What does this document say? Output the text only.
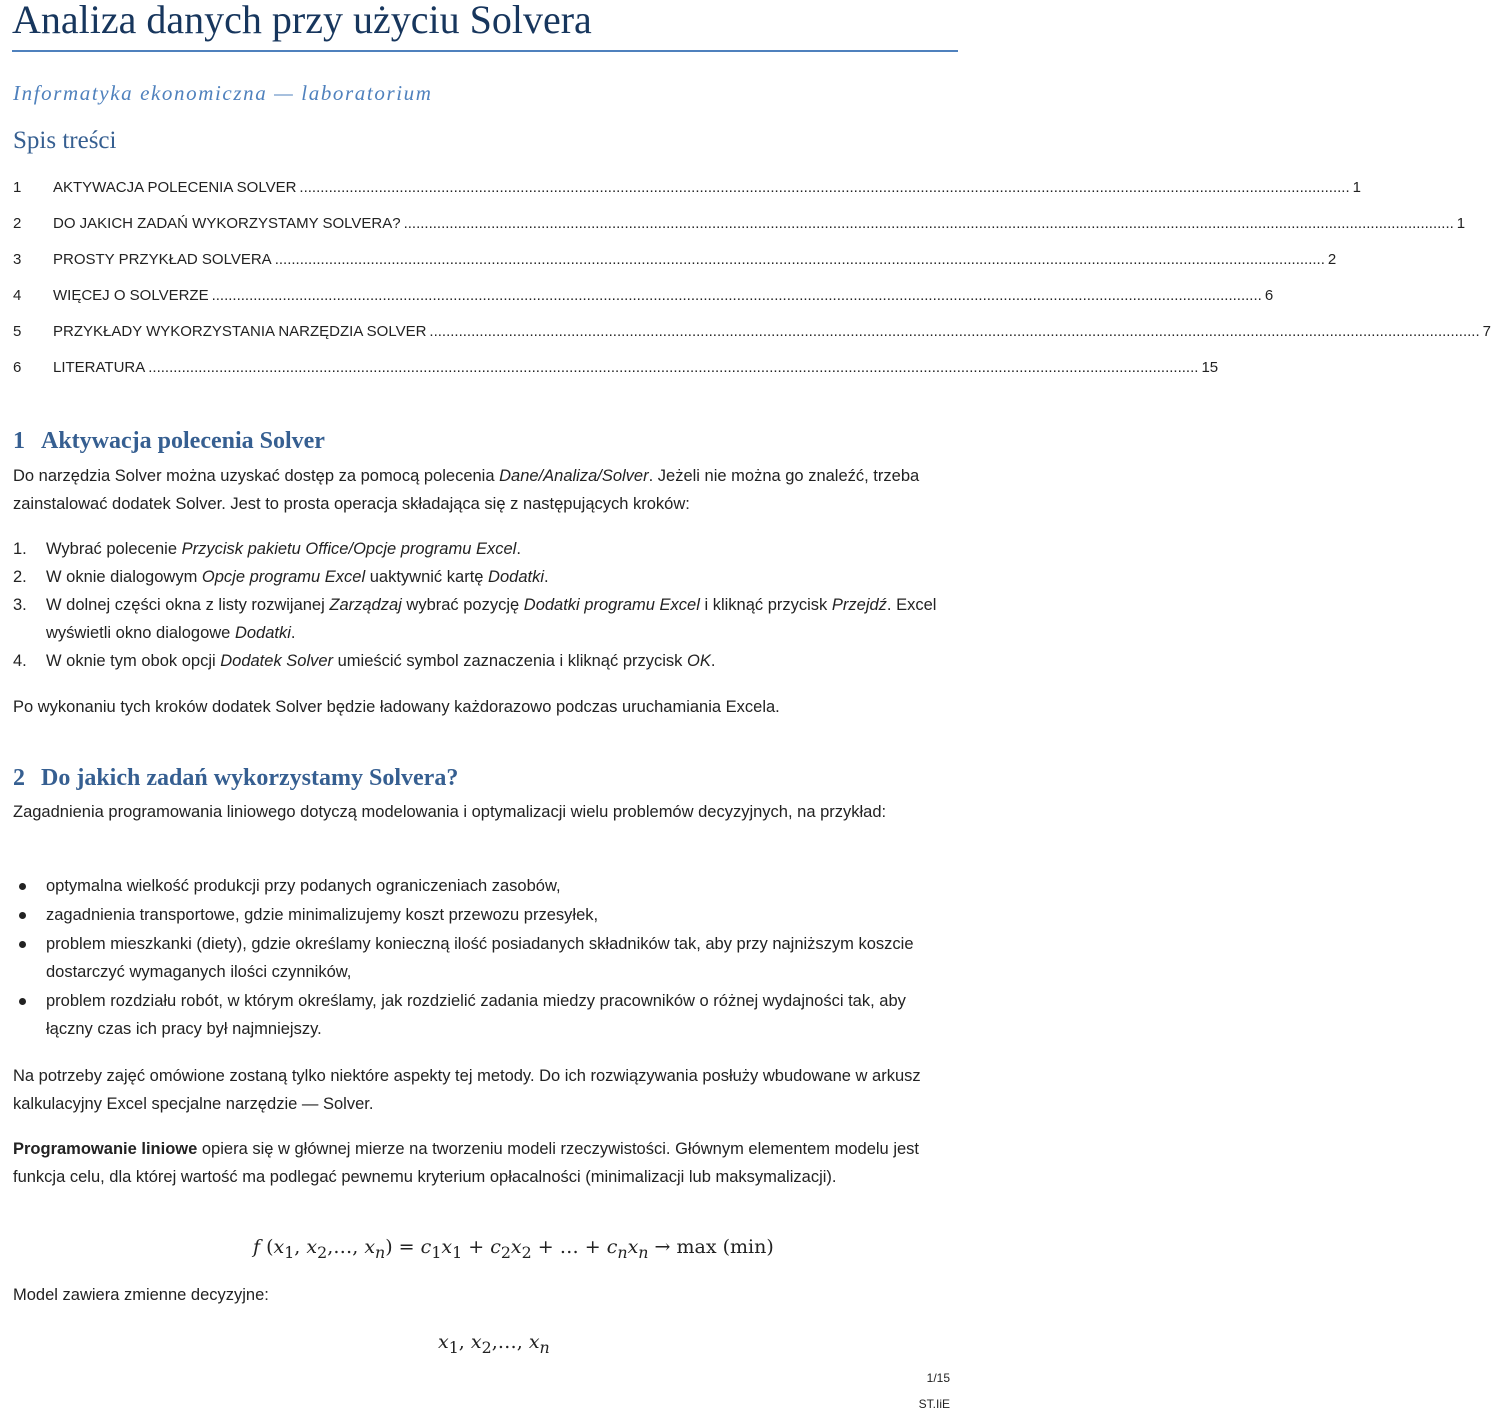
Analiza danych przy użyciu Solvera
Informatyka ekonomiczna — laboratorium
Spis treści
1	AKTYWACJA POLECENIA SOLVER ............................................................................................................................................................................................................................................................ 1
2	DO JAKICH ZADAŃ WYKORZYSTAMY SOLVERA? ............................................................................................................................................................................................................................................................ 1
3	PROSTY PRZYKŁAD SOLVERA ............................................................................................................................................................................................................................................................ 2
4	WIĘCEJ O SOLVERZE ............................................................................................................................................................................................................................................................ 6
5	PRZYKŁADY WYKORZYSTANIA NARZĘDZIA SOLVER ............................................................................................................................................................................................................................................................ 7
6	LITERATURA ............................................................................................................................................................................................................................................................ 15
1 Aktywacja polecenia Solver
Do narzędzia Solver można uzyskać dostęp za pomocą polecenia Dane/Analiza/Solver. Jeżeli nie można go znaleźć, trzeba zainstalować dodatek Solver. Jest to prosta operacja składająca się z następujących kroków:
1. Wybrać polecenie Przycisk pakietu Office/Opcje programu Excel.
2. W oknie dialogowym Opcje programu Excel uaktywnić kartę Dodatki.
3. W dolnej części okna z listy rozwijanej Zarządzaj wybrać pozycję Dodatki programu Excel i kliknąć przycisk Przejdź. Excel wyświetli okno dialogowe Dodatki.
4. W oknie tym obok opcji Dodatek Solver umieścić symbol zaznaczenia i kliknąć przycisk OK.
Po wykonaniu tych kroków dodatek Solver będzie ładowany każdorazowo podczas uruchamiania Excela.
2 Do jakich zadań wykorzystamy Solvera?
Zagadnienia programowania liniowego dotyczą modelowania i optymalizacji wielu problemów decyzyjnych, na przykład:
optymalna wielkość produkcji przy podanych ograniczeniach zasobów,
zagadnienia transportowe, gdzie minimalizujemy koszt przewozu przesyłek,
problem mieszkanki (diety), gdzie określamy konieczną ilość posiadanych składników tak, aby przy najniższym koszcie dostarczyć wymaganych ilości czynników,
problem rozdziału robót, w którym określamy, jak rozdzielić zadania miedzy pracowników o różnej wydajności tak, aby łączny czas ich pracy był najmniejszy.
Na potrzeby zajęć omówione zostaną tylko niektóre aspekty tej metody. Do ich rozwiązywania posłuży wbudowane w arkusz kalkulacyjny Excel specjalne narzędzie — Solver.
Programowanie liniowe opiera się w głównej mierze na tworzeniu modeli rzeczywistości. Głównym elementem modelu jest funkcja celu, dla której wartość ma podlegać pewnemu kryterium opłacalności (minimalizacji lub maksymalizacji).
f ($x_1$, $x_2,\dots$, $x_n) = c_1x_1 + c_2x_2$ + … + $c_nx_n \to \max (\min)$
Model zawiera zmienne decyzyjne:
$x_1$, $x_2,\dots$, $x_n$
1/15
ST.IiE
